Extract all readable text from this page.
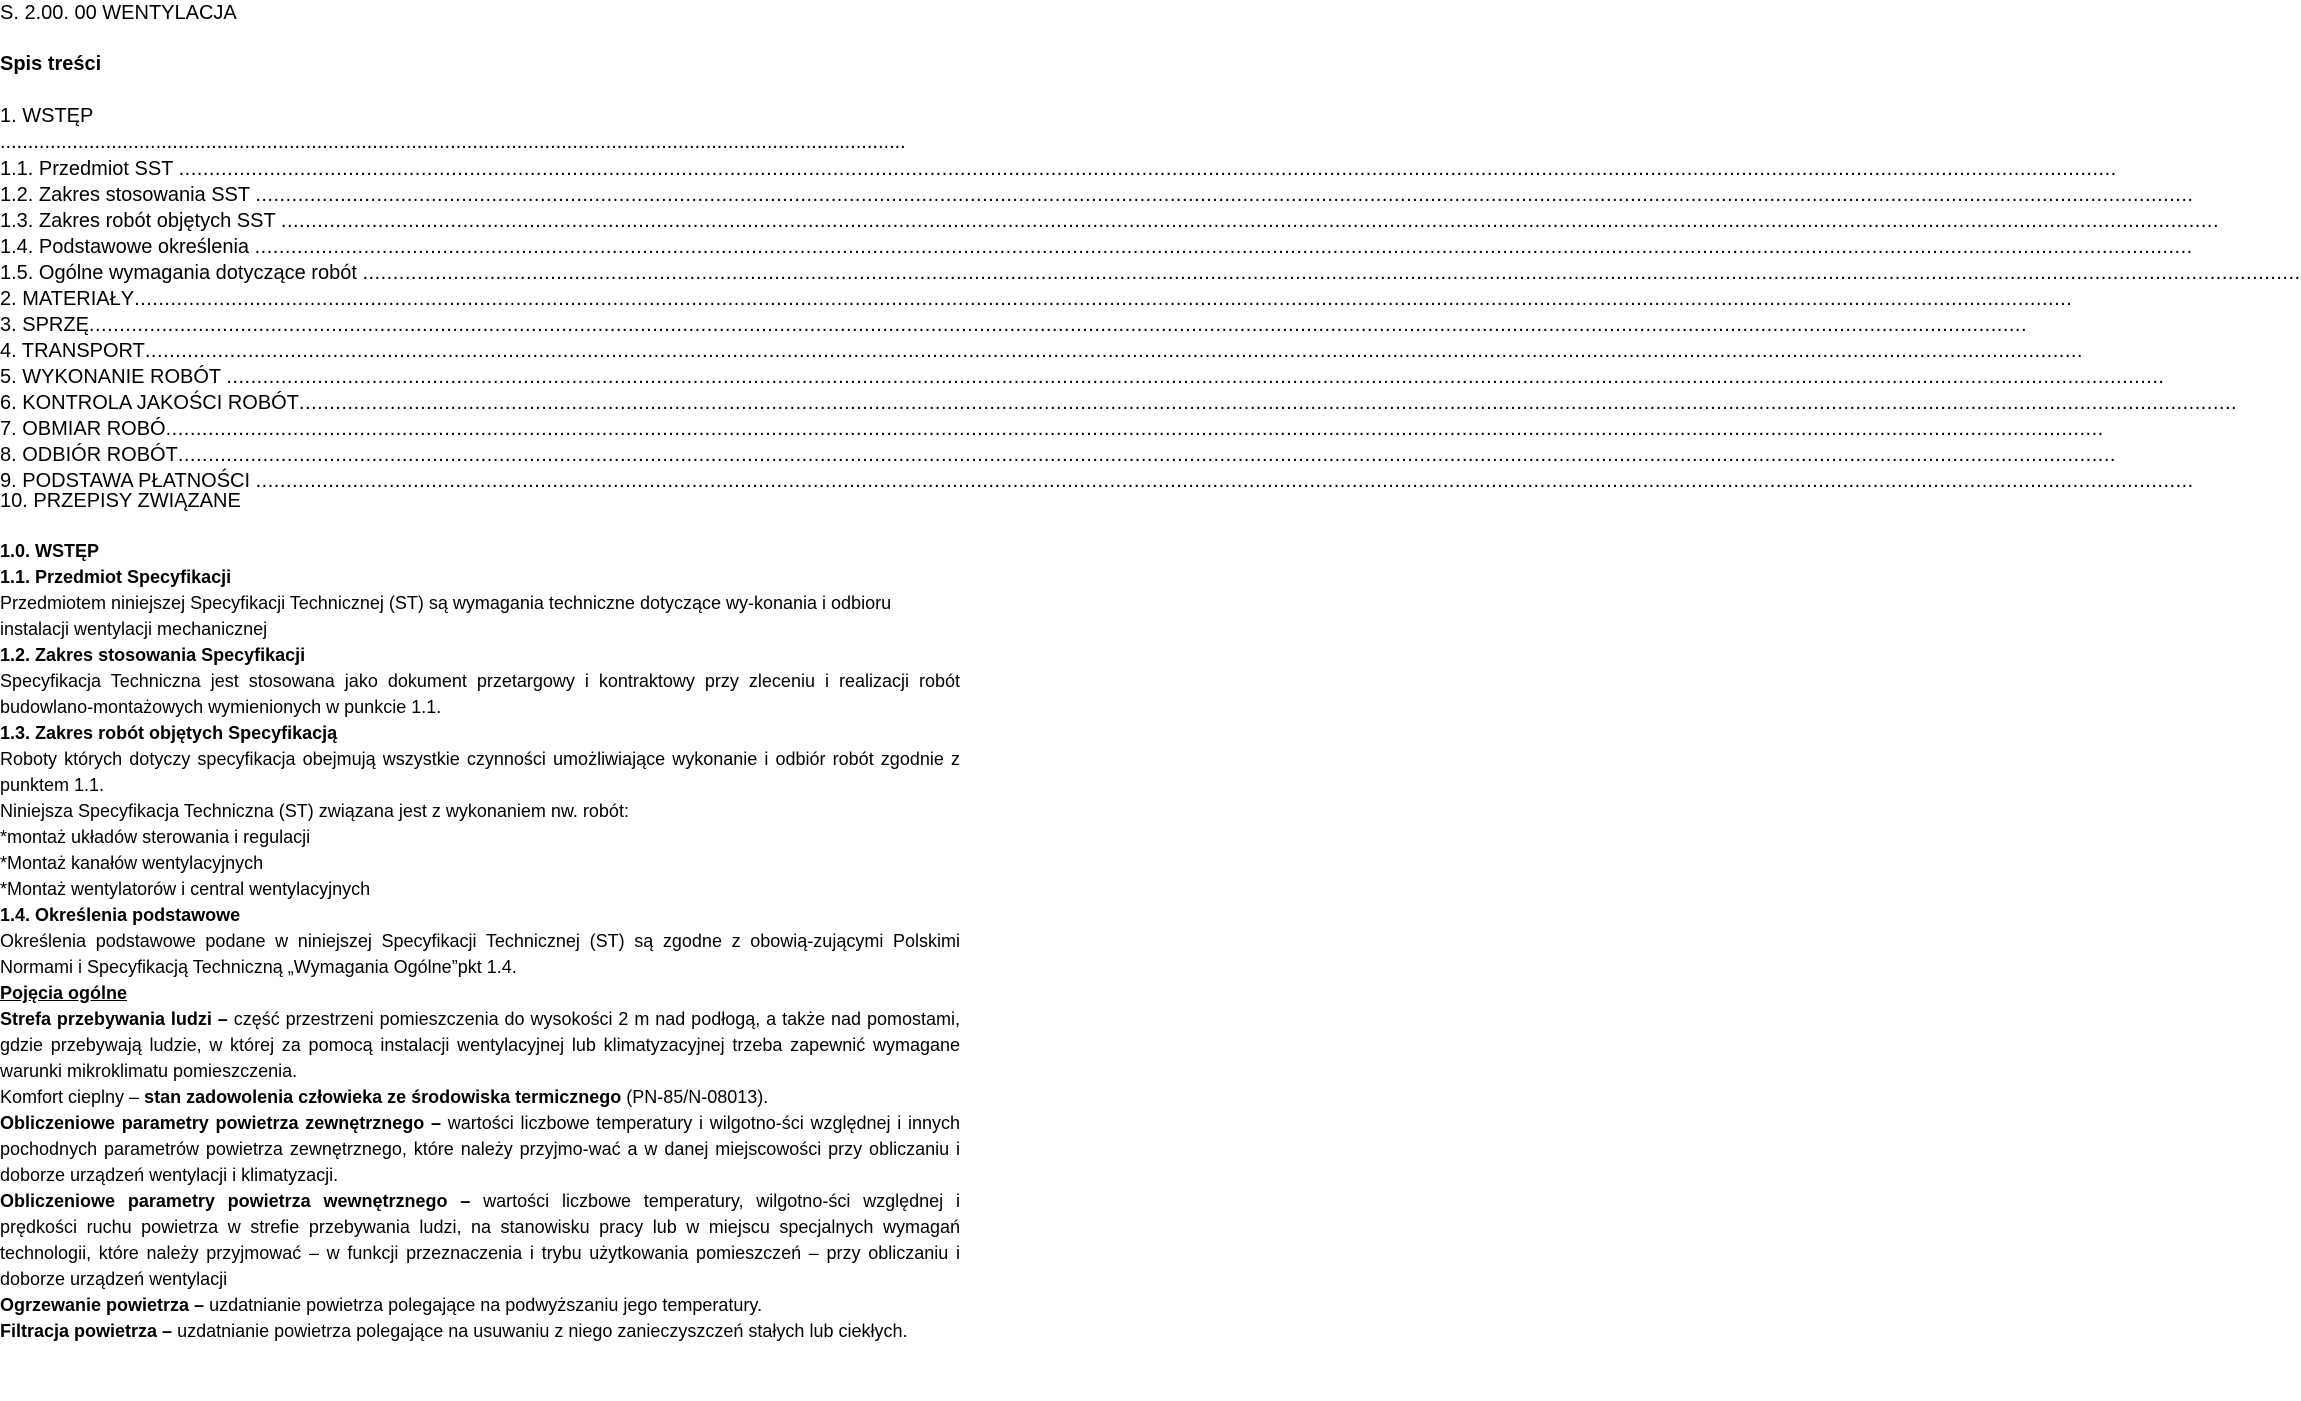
S. 2.00. 00 WENTYLACJA
Spis treści
1. WSTĘP
...................................................................................................................................................................
1.1. Przedmiot SST ................................................................................................................................................................................................................................................................................................................................
1.2. Zakres stosowania SST ................................................................................................................................................................................................................................................................................................................................
1.3. Zakres robót objętych SST ................................................................................................................................................................................................................................................................................................................................
1.4. Podstawowe określenia ................................................................................................................................................................................................................................................................................................................................
1.5. Ogólne wymagania dotyczące robót ................................................................................................................................................................................................................................................................................................................................
2. MATERIAŁY ................................................................................................................................................................................................................................................................................................................................
3. SPRZĘ ................................................................................................................................................................................................................................................................................................................................
4. TRANSPORT ................................................................................................................................................................................................................................................................................................................................
5. WYKONANIE ROBÓT ................................................................................................................................................................................................................................................................................................................................
6. KONTROLA JAKOŚCI ROBÓT ................................................................................................................................................................................................................................................................................................................................
7. OBMIAR ROBÓ ................................................................................................................................................................................................................................................................................................................................
8. ODBIÓR ROBÓT ................................................................................................................................................................................................................................................................................................................................
9. PODSTAWA PŁATNOŚCI ................................................................................................................................................................................................................................................................................................................................
10. PRZEPISY ZWIĄZANE

1.0. WSTĘP

1.1. Przedmiot Specyfikacji

Przedmiotem niniejszej Specyfikacji Technicznej (ST) są wymagania techniczne dotyczące wy-konania i odbioru

instalacji wentylacji mechanicznej

1.2. Zakres stosowania Specyfikacji

Specyfikacja Techniczna jest stosowana jako dokument przetargowy i kontraktowy przy zleceniu i realizacji robót budowlano-montażowych wymienionych w punkcie 1.1.

1.3. Zakres robót objętych Specyfikacją

Roboty których dotyczy specyfikacja obejmują wszystkie czynności umożliwiające wykonanie i odbiór robót zgodnie z punktem 1.1.

Niniejsza Specyfikacja Techniczna (ST) związana jest z wykonaniem nw. robót:

*montaż układów sterowania i regulacji

*Montaż kanałów wentylacyjnych

*Montaż wentylatorów i central wentylacyjnych

1.4. Określenia podstawowe

Określenia podstawowe podane w niniejszej Specyfikacji Technicznej (ST) są zgodne z obowią-zującymi Polskimi Normami i Specyfikacją Techniczną „Wymagania Ogólne”pkt 1.4.

Pojęcia ogólne

Strefa przebywania ludzi – część przestrzeni pomieszczenia do wysokości 2 m nad podłogą, a także nad pomostami, gdzie przebywają ludzie, w której za pomocą instalacji wentylacyjnej lub klimatyzacyjnej trzeba zapewnić wymagane warunki mikroklimatu pomieszczenia.

Komfort cieplny – stan zadowolenia człowieka ze środowiska termicznego (PN-85/N-08013).

Obliczeniowe parametry powietrza zewnętrznego – wartości liczbowe temperatury i wilgotno-ści względnej i innych pochodnych parametrów powietrza zewnętrznego, które należy przyjmo-wać a w danej miejscowości przy obliczaniu i doborze urządzeń wentylacji i klimatyzacji.

Obliczeniowe parametry powietrza wewnętrznego – wartości liczbowe temperatury, wilgotno-ści względnej i prędkości ruchu powietrza w strefie przebywania ludzi, na stanowisku pracy lub w miejscu specjalnych wymagań technologii, które należy przyjmować – w funkcji przeznaczenia i trybu użytkowania pomieszczeń – przy obliczaniu i doborze urządzeń wentylacji

Ogrzewanie powietrza – uzdatnianie powietrza polegające na podwyższaniu jego temperatury.

Filtracja powietrza – uzdatnianie powietrza polegające na usuwaniu z niego zanieczyszczeń stałych lub ciekłych.
